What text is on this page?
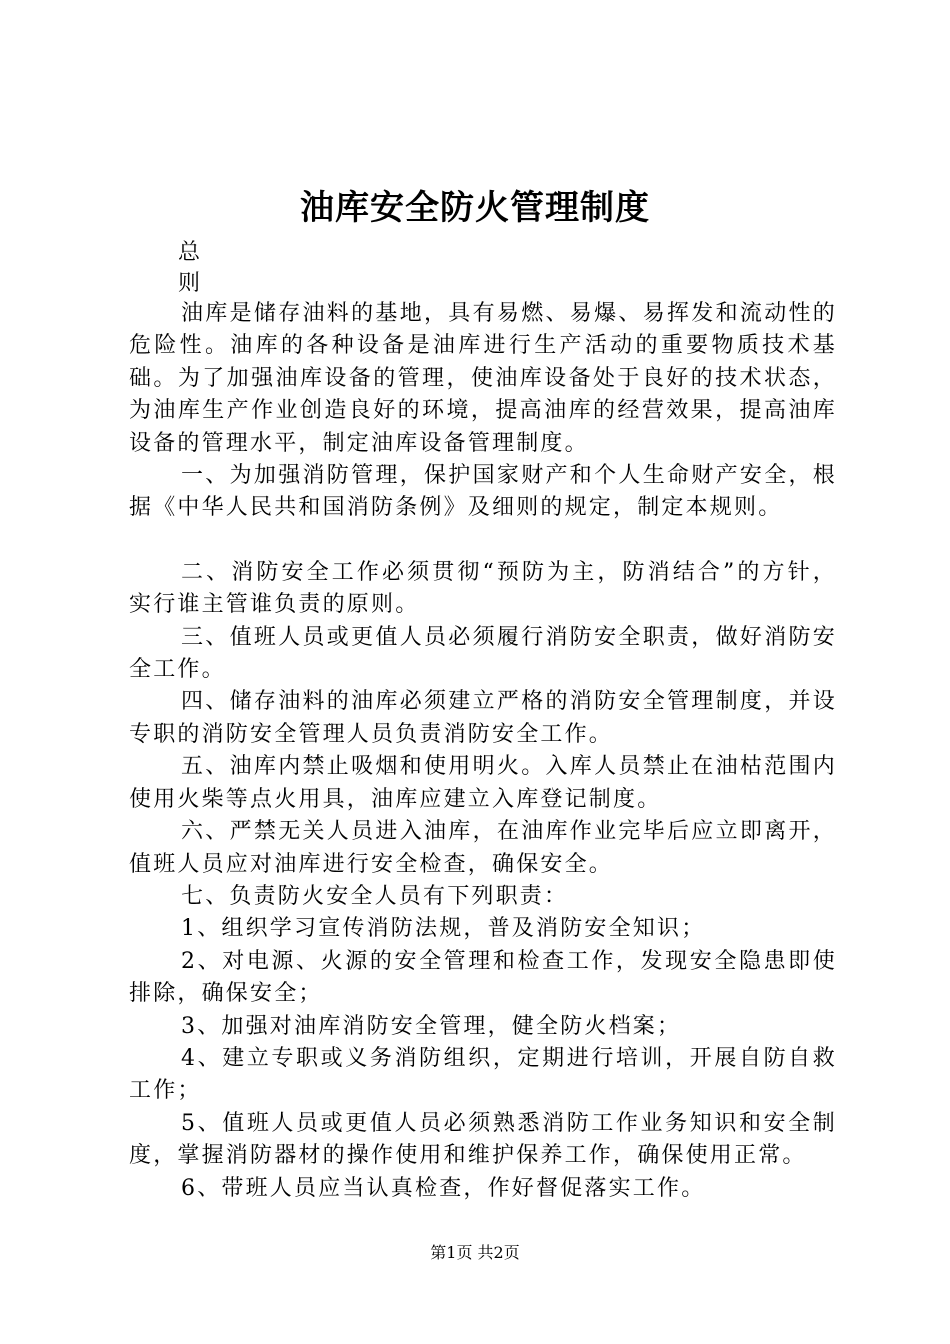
油库安全防火管理制度
总
则

油库是储存油料的基地，具有易燃、易爆、易挥发和流动性的危险性。油库的各种设备是油库进行生产活动的重要物质技术基础。为了加强油库设备的管理，使油库设备处于良好的技术状态，为油库生产作业创造良好的环境，提高油库的经营效果，提高油库设备的管理水平，制定油库设备管理制度。

一、为加强消防管理，保护国家财产和个人生命财产安全，根据《中华人民共和国消防条例》及细则的规定，制定本规则。

二、消防安全工作必须贯彻“预防为主，防消结合”的方针，实行谁主管谁负责的原则。

三、值班人员或更值人员必须履行消防安全职责，做好消防安全工作。

四、储存油料的油库必须建立严格的消防安全管理制度，并设专职的消防安全管理人员负责消防安全工作。

五、油库内禁止吸烟和使用明火。入库人员禁止在油枯范围内使用火柴等点火用具，油库应建立入库登记制度。

六、严禁无关人员进入油库，在油库作业完毕后应立即离开，值班人员应对油库进行安全检查，确保安全。

七、负责防火安全人员有下列职责：

1、组织学习宣传消防法规，普及消防安全知识；

2、对电源、火源的安全管理和检查工作，发现安全隐患即使排除，确保安全；

3、加强对油库消防安全管理，健全防火档案；

4、建立专职或义务消防组织，定期进行培训，开展自防自救工作；

5、值班人员或更值人员必须熟悉消防工作业务知识和安全制度，掌握消防器材的操作使用和维护保养工作，确保使用正常。

6、带班人员应当认真检查，作好督促落实工作。

第1页 共2页
